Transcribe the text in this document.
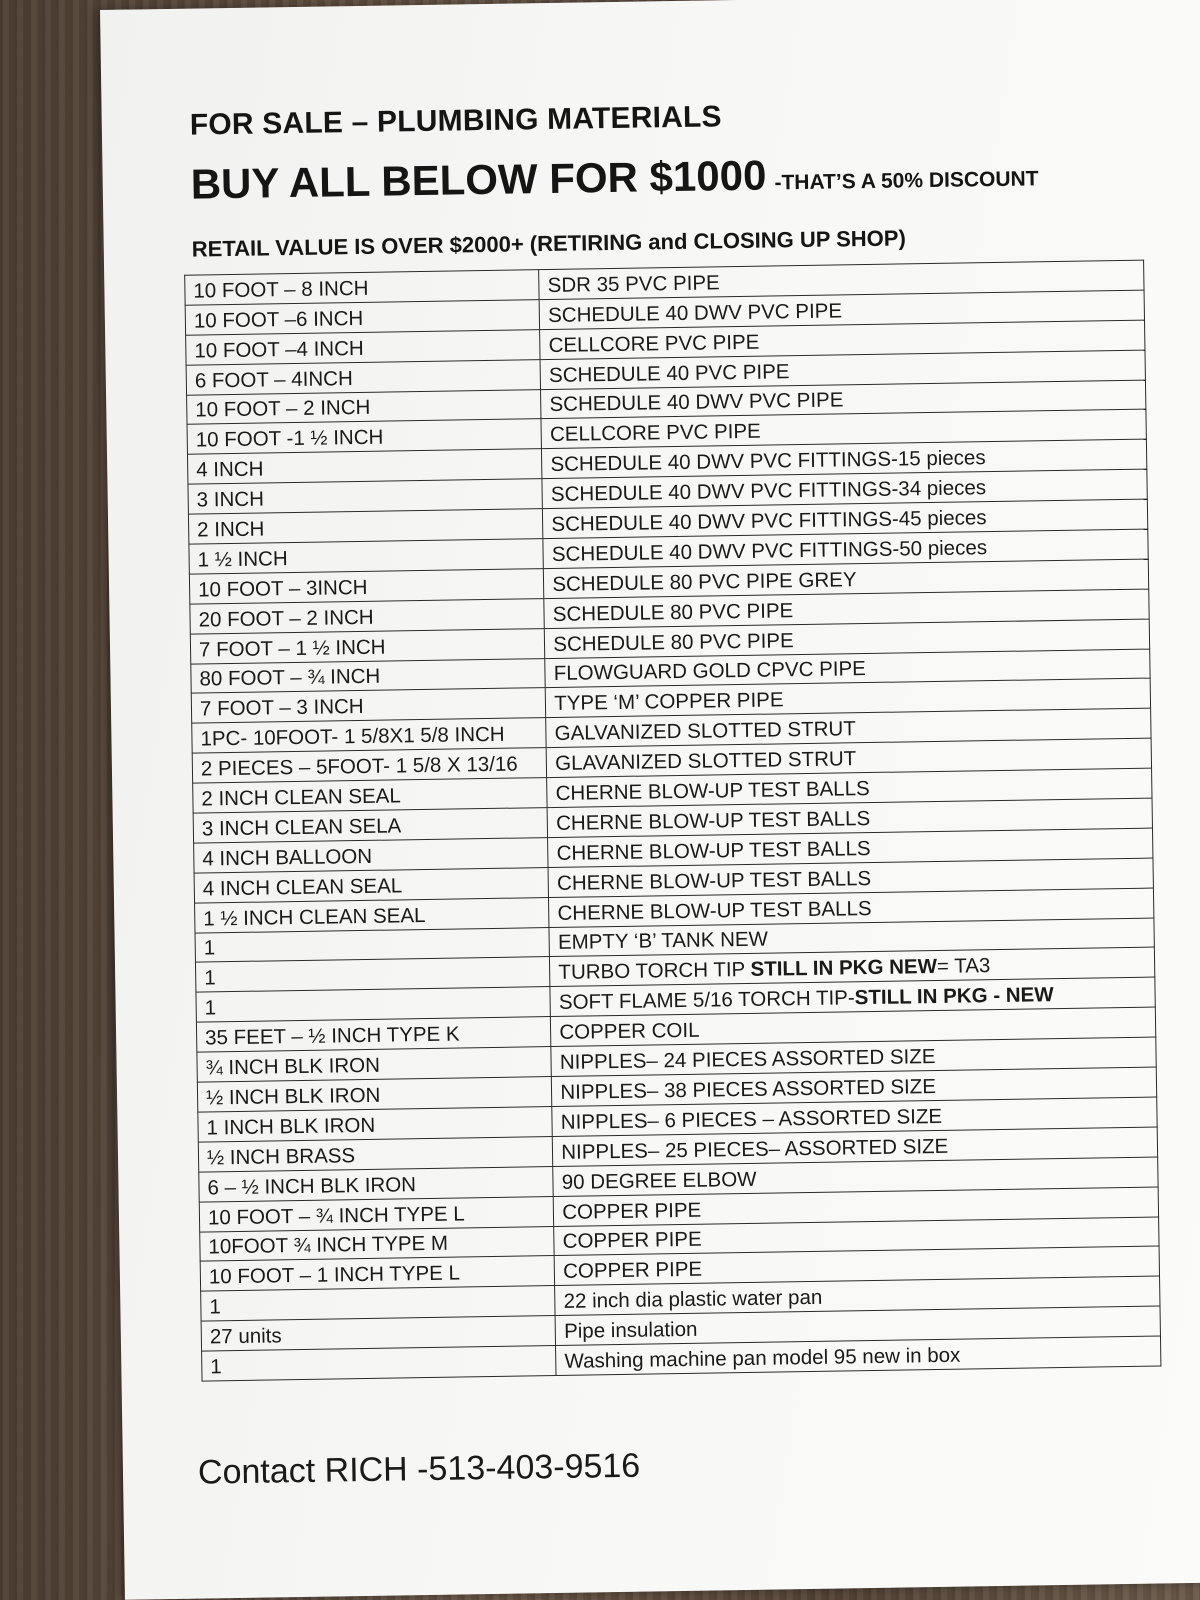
FOR SALE – PLUMBING MATERIALS

BUY ALL BELOW FOR $1000 -THAT’S A 50% DISCOUNT

RETAIL VALUE IS OVER $2000+ (RETIRING and CLOSING UP SHOP)

10 FOOT – 8 INCH	SDR 35 PVC PIPE
10 FOOT –6 INCH	SCHEDULE 40 DWV PVC PIPE
10 FOOT –4 INCH	CELLCORE PVC PIPE
6 FOOT – 4INCH	SCHEDULE 40 PVC PIPE
10 FOOT – 2 INCH	SCHEDULE 40 DWV PVC PIPE
10 FOOT -1 ½ INCH	CELLCORE PVC PIPE
4 INCH	SCHEDULE 40 DWV PVC FITTINGS-15 pieces
3 INCH	SCHEDULE 40 DWV PVC FITTINGS-34 pieces
2 INCH	SCHEDULE 40 DWV PVC FITTINGS-45 pieces
1 ½ INCH	SCHEDULE 40 DWV PVC FITTINGS-50 pieces
10 FOOT – 3INCH	SCHEDULE 80 PVC PIPE GREY
20 FOOT – 2 INCH	SCHEDULE 80 PVC PIPE
7 FOOT – 1 ½ INCH	SCHEDULE 80 PVC PIPE
80 FOOT – ¾ INCH	FLOWGUARD GOLD CPVC PIPE
7 FOOT – 3 INCH	TYPE ‘M’ COPPER PIPE
1PC- 10FOOT- 1 5/8X1 5/8 INCH	GALVANIZED SLOTTED STRUT
2 PIECES – 5FOOT- 1 5/8 X 13/16	GLAVANIZED SLOTTED STRUT
2 INCH CLEAN SEAL	CHERNE BLOW-UP TEST BALLS
3 INCH CLEAN SELA	CHERNE BLOW-UP TEST BALLS
4 INCH BALLOON	CHERNE BLOW-UP TEST BALLS
4 INCH CLEAN SEAL	CHERNE BLOW-UP TEST BALLS
1 ½ INCH CLEAN SEAL	CHERNE BLOW-UP TEST BALLS
1	EMPTY ‘B’ TANK NEW
1	TURBO TORCH TIP STILL IN PKG NEW= TA3
1	SOFT FLAME 5/16 TORCH TIP-STILL IN PKG - NEW
35 FEET – ½ INCH TYPE K	COPPER COIL
¾ INCH BLK IRON	NIPPLES– 24 PIECES ASSORTED SIZE
½ INCH BLK IRON	NIPPLES– 38 PIECES ASSORTED SIZE
1 INCH BLK IRON	NIPPLES– 6 PIECES – ASSORTED SIZE
½ INCH BRASS	NIPPLES– 25 PIECES– ASSORTED SIZE
6 – ½ INCH BLK IRON	90 DEGREE ELBOW
10 FOOT – ¾ INCH TYPE L	COPPER PIPE
10FOOT ¾ INCH TYPE M	COPPER PIPE
10 FOOT – 1 INCH TYPE L	COPPER PIPE
1	22 inch dia plastic water pan
27 units	Pipe insulation
1	Washing machine pan model 95 new in box

Contact RICH -513-403-9516
